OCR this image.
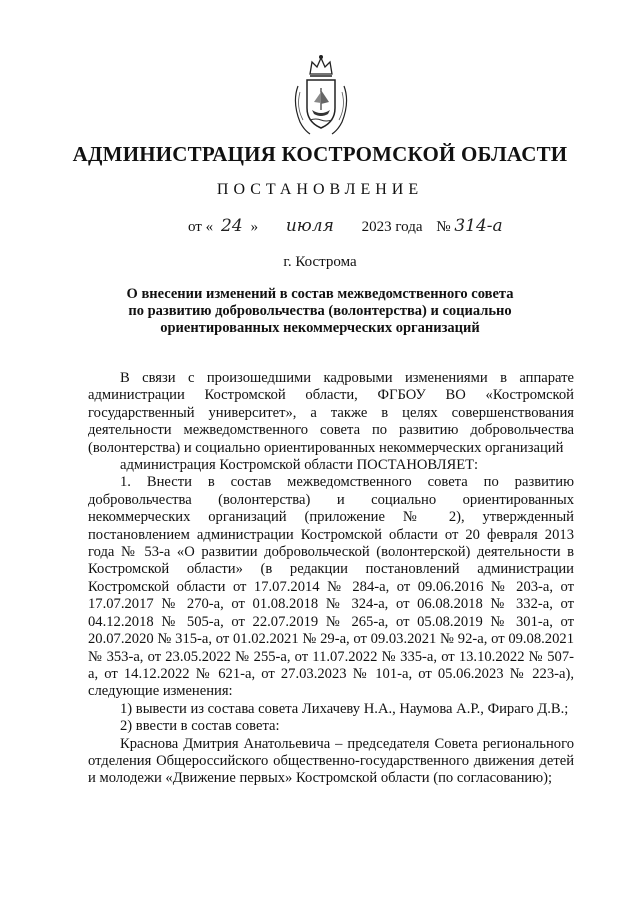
АДМИНИСТРАЦИЯ КОСТРОМСКОЙ ОБЛАСТИ
ПОСТАНОВЛЕНИЕ
от « 24 » июля 2023 года № 314-а
г. Кострома
О внесении изменений в состав межведомственного совета
по развитию добровольчества (волонтерства) и социально
ориентированных некоммерческих организаций

В связи с произошедшими кадровыми изменениями в аппарате администрации Костромской области, ФГБОУ ВО «Костромской государственный университет», а также в целях совершенствования деятельности межведомственного совета по развитию добровольчества (волонтерства) и социально ориентированных некоммерческих организаций

администрация Костромской области ПОСТАНОВЛЯЕТ:

1. Внести в состав межведомственного совета по развитию добровольчества (волонтерства) и социально ориентированных некоммерческих организаций (приложение № 2), утвержденный постановлением администрации Костромской области от 20 февраля 2013 года № 53-а «О развитии добровольческой (волонтерской) деятельности в Костромской области» (в редакции постановлений администрации Костромской области от 17.07.2014 № 284-а, от 09.06.2016 № 203-а, от 17.07.2017 № 270-а, от 01.08.2018 № 324-а, от 06.08.2018 № 332-а, от 04.12.2018 № 505-а, от 22.07.2019 № 265-а, от 05.08.2019 № 301-а, от 20.07.2020 № 315-а, от 01.02.2021 № 29-а, от 09.03.2021 № 92-а, от 09.08.2021 № 353-а, от 23.05.2022 № 255-а, от 11.07.2022 № 335-а, от 13.10.2022 № 507-а, от 14.12.2022 № 621-а, от 27.03.2023 № 101-а, от 05.06.2023 № 223-а), следующие изменения:

1) вывести из состава совета Лихачеву Н.А., Наумова А.Р., Фираго Д.В.;

2) ввести в состав совета:

Краснова Дмитрия Анатольевича – председателя Совета регионального отделения Общероссийского общественно-государственного движения детей и молодежи «Движение первых» Костромской области (по согласованию);
